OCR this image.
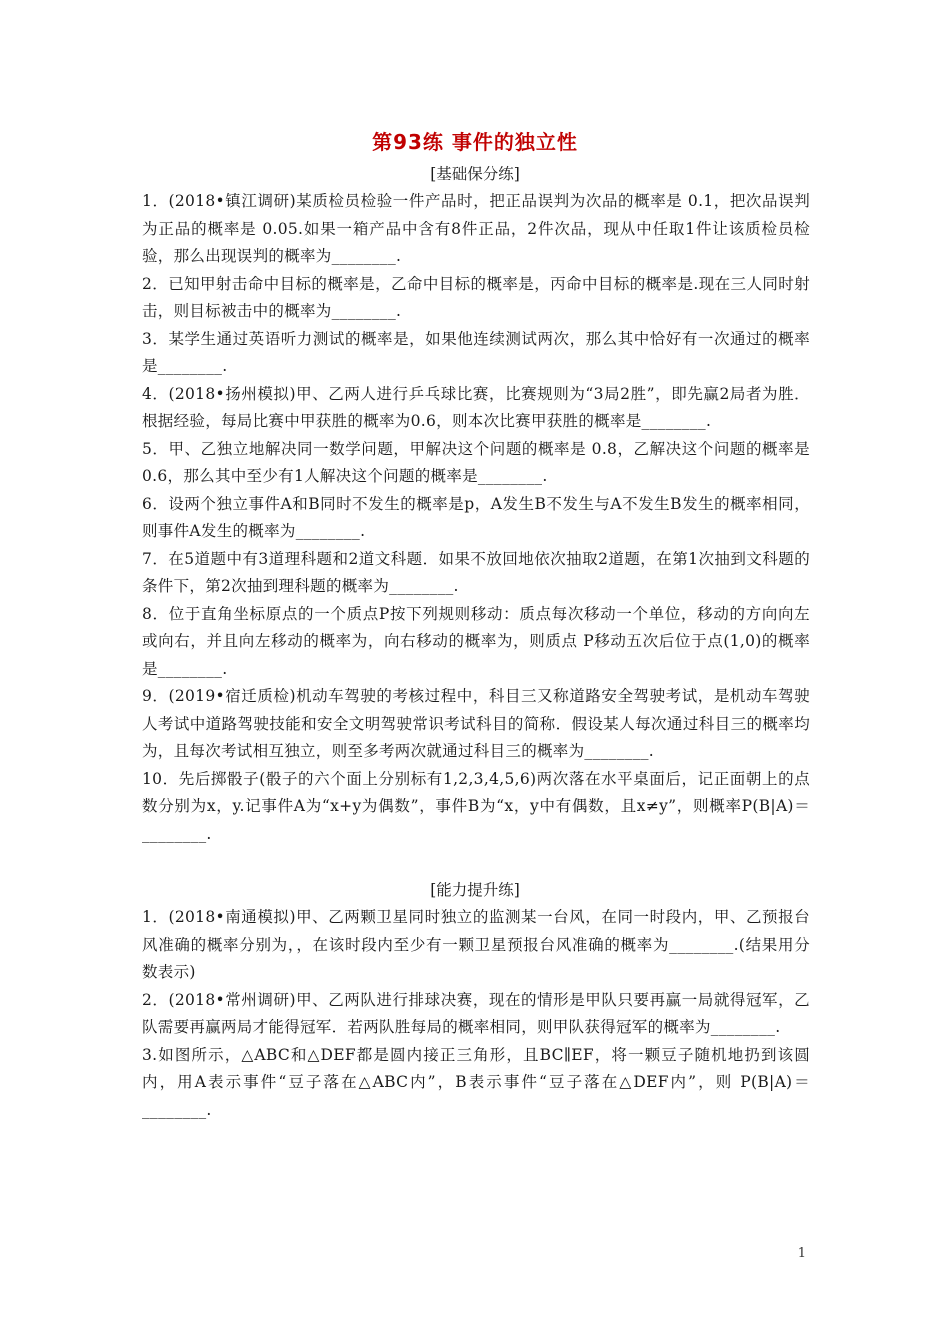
第93练 事件的独立性
[基础保分练]

1．(2018•镇江调研)某质检员检验一件产品时，把正品误判为次品的概率是 0.1，把次品误判为正品的概率是 0.05.如果一箱产品中含有8件正品，2件次品，现从中任取1件让该质检员检验，那么出现误判的概率为________.

2．已知甲射击命中目标的概率是，乙命中目标的概率是，丙命中目标的概率是.现在三人同时射击，则目标被击中的概率为________.

3．某学生通过英语听力测试的概率是，如果他连续测试两次，那么其中恰好有一次通过的概率是________.

4．(2018•扬州模拟)甲、乙两人进行乒乓球比赛，比赛规则为“3局2胜”，即先赢2局者为胜．根据经验，每局比赛中甲获胜的概率为0.6，则本次比赛甲获胜的概率是________.

5．甲、乙独立地解决同一数学问题，甲解决这个问题的概率是 0.8，乙解决这个问题的概率是0.6，那么其中至少有1人解决这个问题的概率是________.

6．设两个独立事件A和B同时不发生的概率是p，A发生B不发生与A不发生B发生的概率相同，则事件A发生的概率为________.

7．在5道题中有3道理科题和2道文科题．如果不放回地依次抽取2道题，在第1次抽到文科题的条件下，第2次抽到理科题的概率为________.

8．位于直角坐标原点的一个质点P按下列规则移动：质点每次移动一个单位，移动的方向向左或向右，并且向左移动的概率为，向右移动的概率为，则质点 P移动五次后位于点(1,0)的概率是________.

9．(2019•宿迁质检)机动车驾驶的考核过程中，科目三又称道路安全驾驶考试，是机动车驾驶人考试中道路驾驶技能和安全文明驾驶常识考试科目的简称．假设某人每次通过科目三的概率均为，且每次考试相互独立，则至多考两次就通过科目三的概率为________.

10．先后掷骰子(骰子的六个面上分别标有1,2,3,4,5,6)两次落在水平桌面后，记正面朝上的点数分别为x，y.记事件A为“x+y为偶数”，事件B为“x，y中有偶数，且x≠y”，则概率P(B|A)＝________.

[能力提升练]

1．(2018•南通模拟)甲、乙两颗卫星同时独立的监测某一台风，在同一时段内，甲、乙预报台风准确的概率分别为，，在该时段内至少有一颗卫星预报台风准确的概率为________.(结果用分数表示)

2．(2018•常州调研)甲、乙两队进行排球决赛，现在的情形是甲队只要再赢一局就得冠军，乙队需要再赢两局才能得冠军．若两队胜每局的概率相同，则甲队获得冠军的概率为________.

3.如图所示，△ABC和△DEF都是圆内接正三角形，且BC∥EF，将一颗豆子随机地扔到该圆内，用A表示事件“豆子落在△ABC内”，B表示事件“豆子落在△DEF内”，则 P(B|A)＝________.

1
